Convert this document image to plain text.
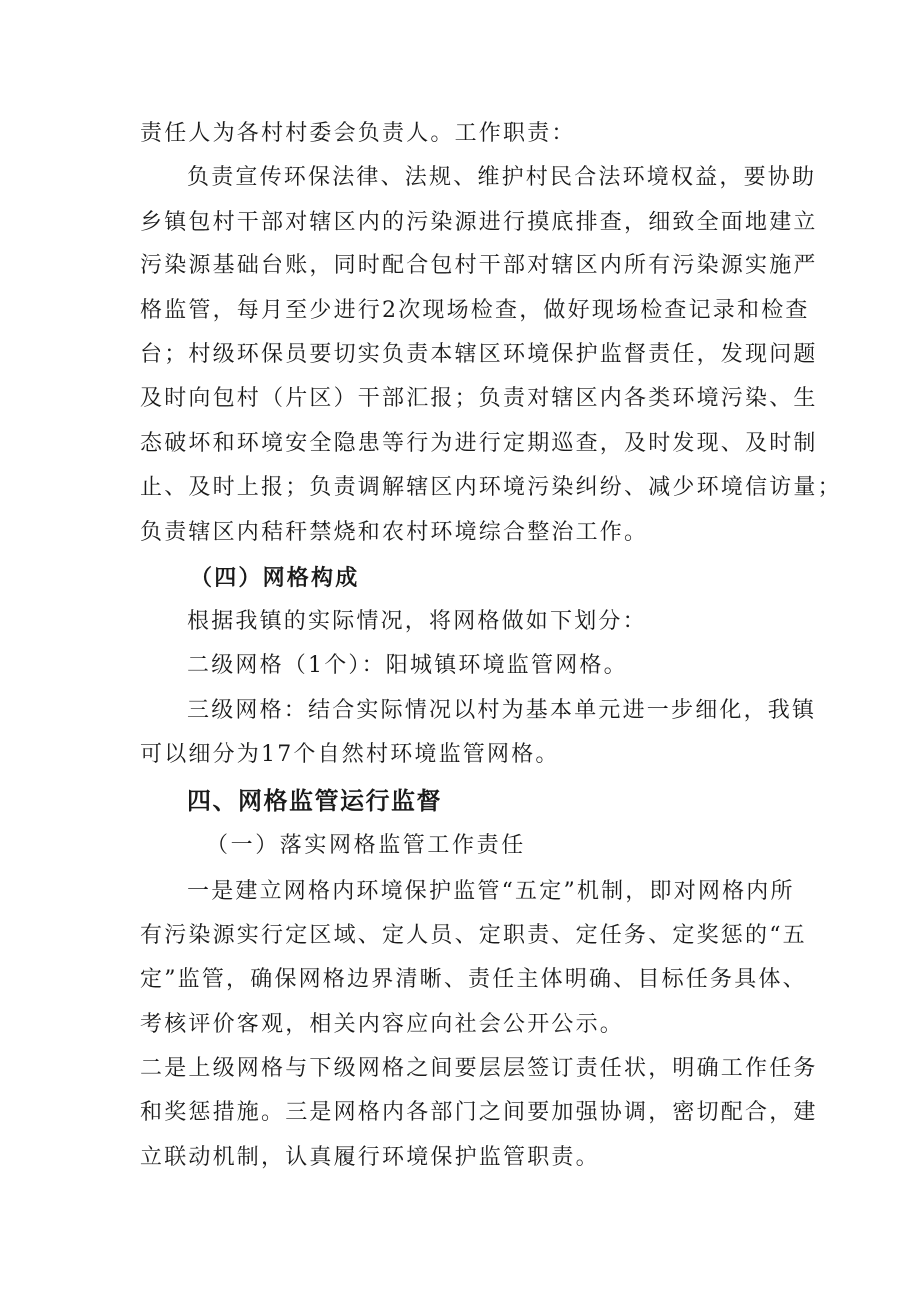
责任人为各村村委会负责人。工作职责：
负责宣传环保法律、法规、维护村民合法环境权益，要协助
乡镇包村干部对辖区内的污染源进行摸底排查，细致全面地建立
污染源基础台账，同时配合包村干部对辖区内所有污染源实施严
格监管，每月至少进行2次现场检查，做好现场检查记录和检查
台；村级环保员要切实负责本辖区环境保护监督责任，发现问题
及时向包村（片区）干部汇报；负责对辖区内各类环境污染、生
态破坏和环境安全隐患等行为进行定期巡查，及时发现、及时制
止、及时上报；负责调解辖区内环境污染纠纷、减少环境信访量；
负责辖区内秸秆禁烧和农村环境综合整治工作。
（四）网格构成
根据我镇的实际情况，将网格做如下划分：
二级网格（1个）：阳城镇环境监管网格。
三级网格：结合实际情况以村为基本单元进一步细化，我镇
可以细分为17个自然村环境监管网格。
四、网格监管运行监督
（一）落实网格监管工作责任
一是建立网格内环境保护监管“五定”机制，即对网格内所
有污染源实行定区域、定人员、定职责、定任务、定奖惩的“五
定”监管，确保网格边界清晰、责任主体明确、目标任务具体、
考核评价客观，相关内容应向社会公开公示。
二是上级网格与下级网格之间要层层签订责任状，明确工作任务
和奖惩措施。三是网格内各部门之间要加强协调，密切配合，建
立联动机制，认真履行环境保护监管职责。
